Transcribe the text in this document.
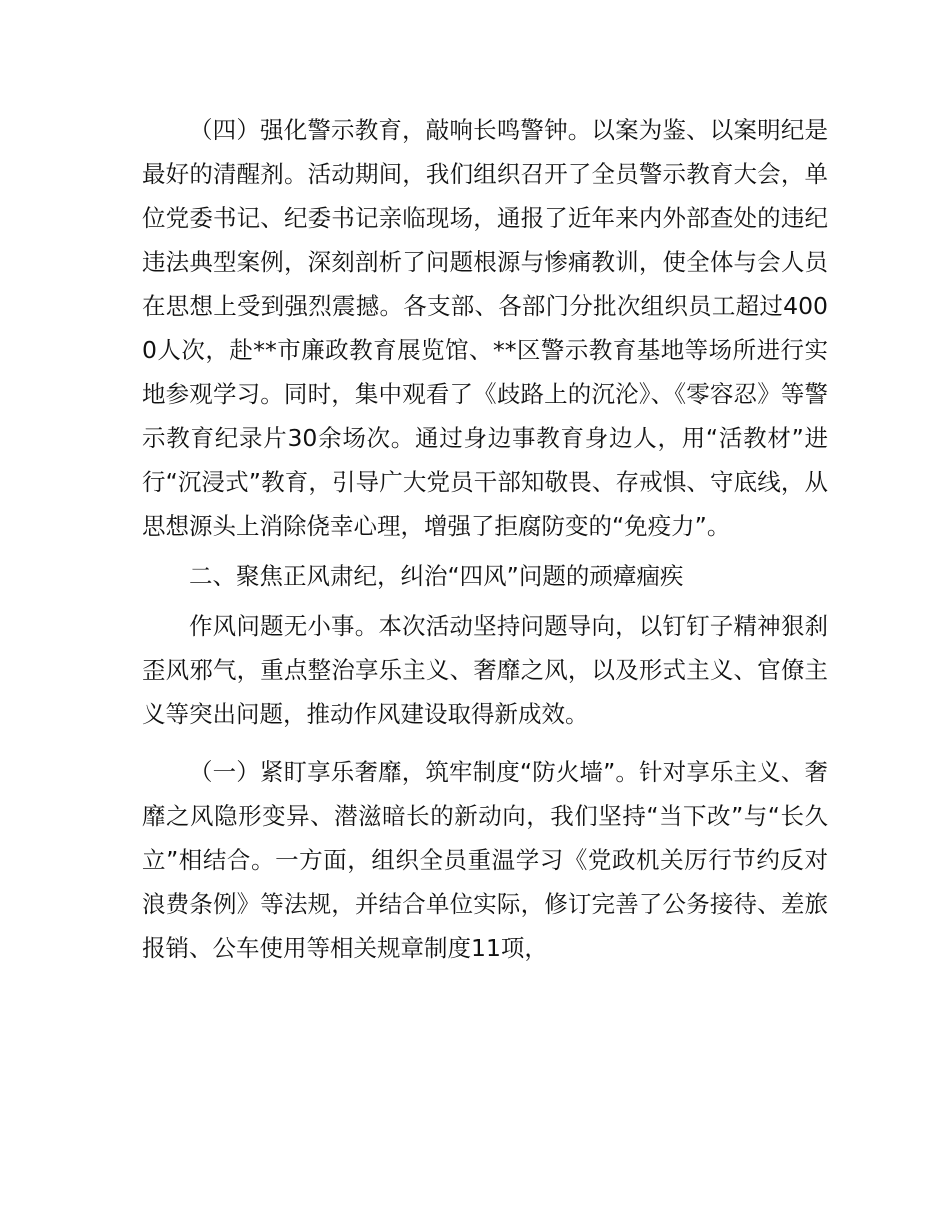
（四）强化警示教育，敲响长鸣警钟。以案为鉴、以案明纪是最好的清醒剂。活动期间，我们组织召开了全员警示教育大会，单位党委书记、纪委书记亲临现场，通报了近年来内外部查处的违纪违法典型案例，深刻剖析了问题根源与惨痛教训，使全体与会人员在思想上受到强烈震撼。各支部、各部门分批次组织员工超过4000人次，赴**市廉政教育展览馆、**区警示教育基地等场所进行实地参观学习。同时，集中观看了《歧路上的沉沦》、《零容忍》等警示教育纪录片30余场次。通过身边事教育身边人，用“活教材”进行“沉浸式”教育，引导广大党员干部知敬畏、存戒惧、守底线，从思想源头上消除侥幸心理，增强了拒腐防变的“免疫力”。

二、聚焦正风肃纪，纠治“四风”问题的顽瘴痼疾

作风问题无小事。本次活动坚持问题导向，以钉钉子精神狠刹歪风邪气，重点整治享乐主义、奢靡之风，以及形式主义、官僚主义等突出问题，推动作风建设取得新成效。

（一）紧盯享乐奢靡，筑牢制度“防火墙”。针对享乐主义、奢靡之风隐形变异、潜滋暗长的新动向，我们坚持“当下改”与“长久立”相结合。一方面，组织全员重温学习《党政机关厉行节约反对浪费条例》等法规，并结合单位实际，修订完善了公务接待、差旅报销、公车使用等相关规章制度11项，
